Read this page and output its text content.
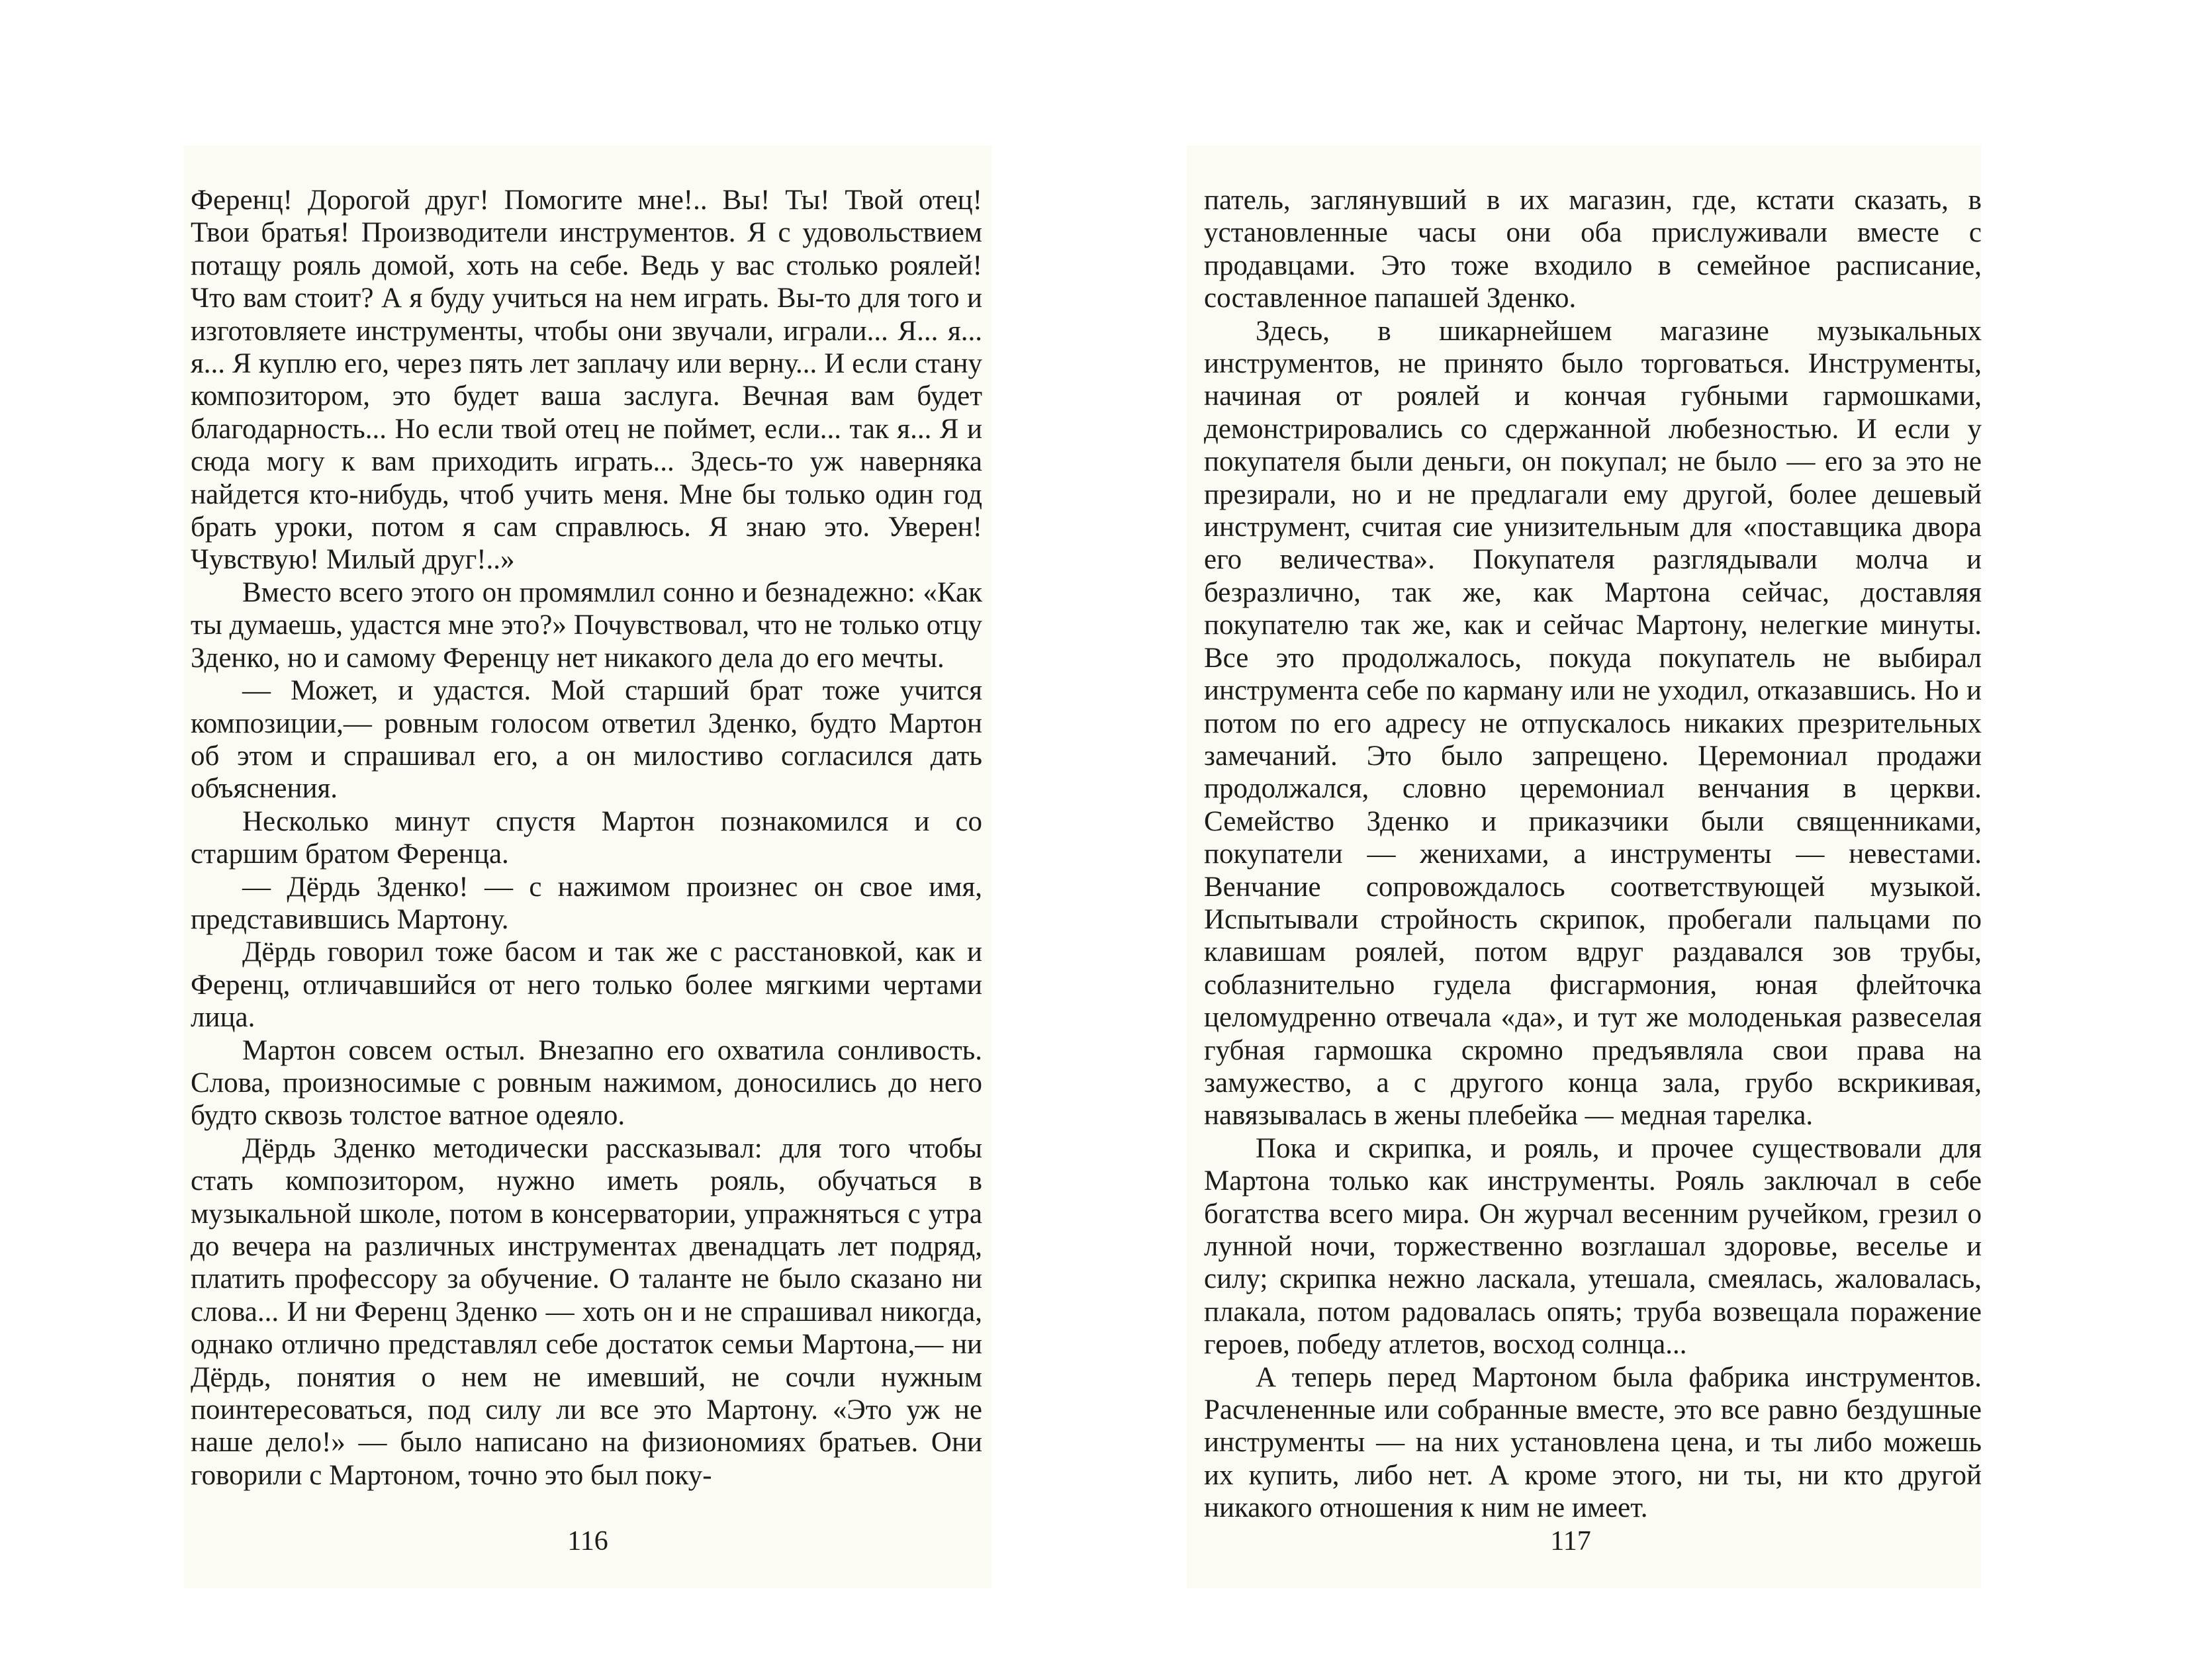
Ференц! Дорогой друг! Помогите мне!.. Вы! Ты! Твой отец! Твои братья! Производители инструментов. Я с удовольствием потащу рояль домой, хоть на себе. Ведь у вас столько роялей! Что вам стоит? А я буду учиться на нем играть. Вы-то для того и изготовляете инструменты, чтобы они звучали, играли... Я... я... я... Я куплю его, через пять лет заплачу или верну... И если стану композитором, это будет ваша заслуга. Вечная вам будет благодарность... Но если твой отец не поймет, если... так я... Я и сюда могу к вам приходить играть... Здесь-то уж наверняка найдется кто-нибудь, чтоб учить меня. Мне бы только один год брать уроки, потом я сам справлюсь. Я знаю это. Уверен! Чувствую! Милый друг!..»

Вместо всего этого он промямлил сонно и безнадежно: «Как ты думаешь, удастся мне это?» Почувствовал, что не только отцу Зденко, но и самому Ференцу нет никакого дела до его мечты.

— Может, и удастся. Мой старший брат тоже учится композиции,— ровным голосом ответил Зденко, будто Мартон об этом и спрашивал его, а он милостиво согласился дать объяснения.

Несколько минут спустя Мартон познакомился и со старшим братом Ференца.

— Дёрдь Зденко! — с нажимом произнес он свое имя, представившись Мартону.

Дёрдь говорил тоже басом и так же с расстановкой, как и Ференц, отличавшийся от него только более мягкими чертами лица.

Мартон совсем остыл. Внезапно его охватила сонливость. Слова, произносимые с ровным нажимом, доносились до него будто сквозь толстое ватное одеяло.

Дёрдь Зденко методически рассказывал: для того чтобы стать композитором, нужно иметь рояль, обучаться в музыкальной школе, потом в консерватории, упражняться с утра до вечера на различных инструментах двенадцать лет подряд, платить профессору за обучение. О таланте не было сказано ни слова... И ни Ференц Зденко — хоть он и не спрашивал никогда, однако отлично представлял себе достаток семьи Мартона,— ни Дёрдь, понятия о нем не имевший, не сочли нужным поинтересоваться, под силу ли все это Мартону. «Это уж не наше дело!» — было написано на физиономиях братьев. Они говорили с Мартоном, точно это был поку-

116

патель, заглянувший в их магазин, где, кстати сказать, в установленные часы они оба прислуживали вместе с продавцами. Это тоже входило в семейное расписание, составленное папашей Зденко.

Здесь, в шикарнейшем магазине музыкальных инструментов, не принято было торговаться. Инструменты, начиная от роялей и кончая губными гармошками, демонстрировались со сдержанной любезностью. И если у покупателя были деньги, он покупал; не было — его за это не презирали, но и не предлагали ему другой, более дешевый инструмент, считая сие унизительным для «поставщика двора его величества». Покупателя разглядывали молча и безразлично, так же, как Мартона сейчас, доставляя покупателю так же, как и сейчас Мартону, нелегкие минуты. Все это продолжалось, покуда покупатель не выбирал инструмента себе по карману или не уходил, отказавшись. Но и потом по его адресу не отпускалось никаких презрительных замечаний. Это было запрещено. Церемониал продажи продолжался, словно церемониал венчания в церкви. Семейство Зденко и приказчики были священниками, покупатели — женихами, а инструменты — невестами. Венчание сопровождалось соответствующей музыкой. Испытывали стройность скрипок, пробегали пальцами по клавишам роялей, потом вдруг раздавался зов трубы, соблазнительно гудела фисгармония, юная флейточка целомудренно отвечала «да», и тут же молоденькая развеселая губная гармошка скромно предъявляла свои права на замужество, а с другого конца зала, грубо вскрикивая, навязывалась в жены плебейка — медная тарелка.

Пока и скрипка, и рояль, и прочее существовали для Мартона только как инструменты. Рояль заключал в себе богатства всего мира. Он журчал весенним ручейком, грезил о лунной ночи, торжественно возглашал здоровье, веселье и силу; скрипка нежно ласкала, утешала, смеялась, жаловалась, плакала, потом радовалась опять; труба возвещала поражение героев, победу атлетов, восход солнца...

А теперь перед Мартоном была фабрика инструментов. Расчлененные или собранные вместе, это все равно бездушные инструменты — на них установлена цена, и ты либо можешь их купить, либо нет. А кроме этого, ни ты, ни кто другой никакого отношения к ним не имеет.

117
